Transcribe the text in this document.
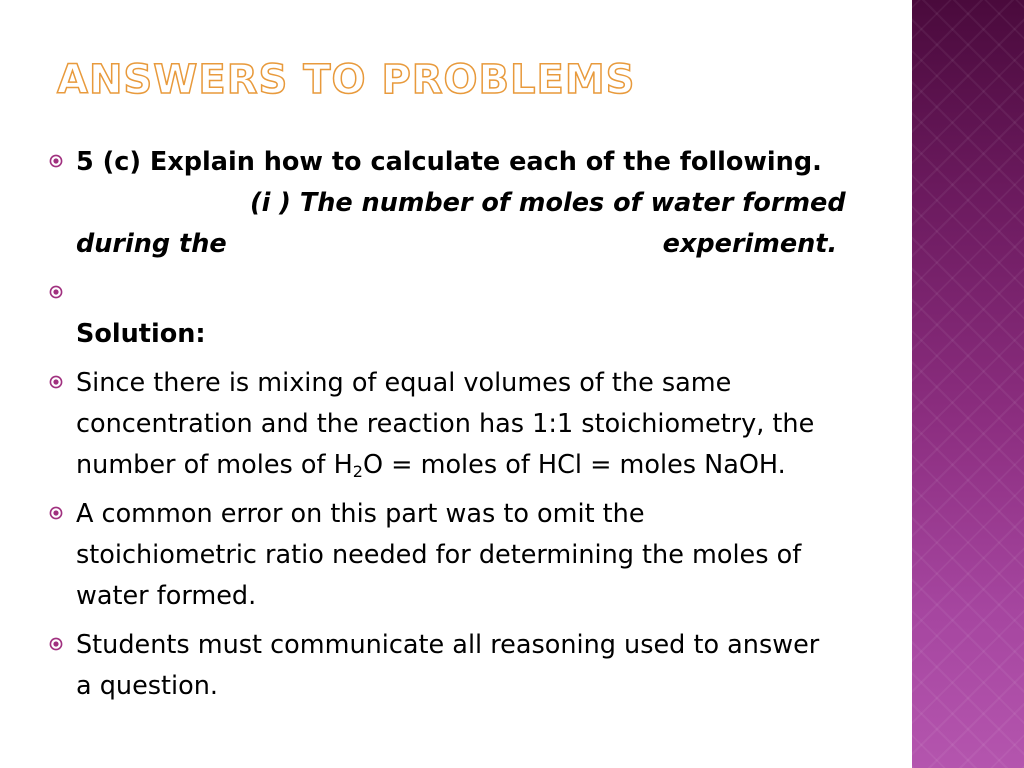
ANSWERS TO PROBLEMS
5 (c) Explain how to calculate each of the following.
(i ) The number of moles of water formed
during the	experiment.
Solution:
Since there is mixing of equal volumes of the same
concentration and the reaction has 1:1 stoichiometry, the
number of moles of $H_2O$ = moles of HCl = moles NaOH.
A common error on this part was to omit the
stoichiometric ratio needed for determining the moles of
water formed.
Students must communicate all reasoning used to answer
a question.
